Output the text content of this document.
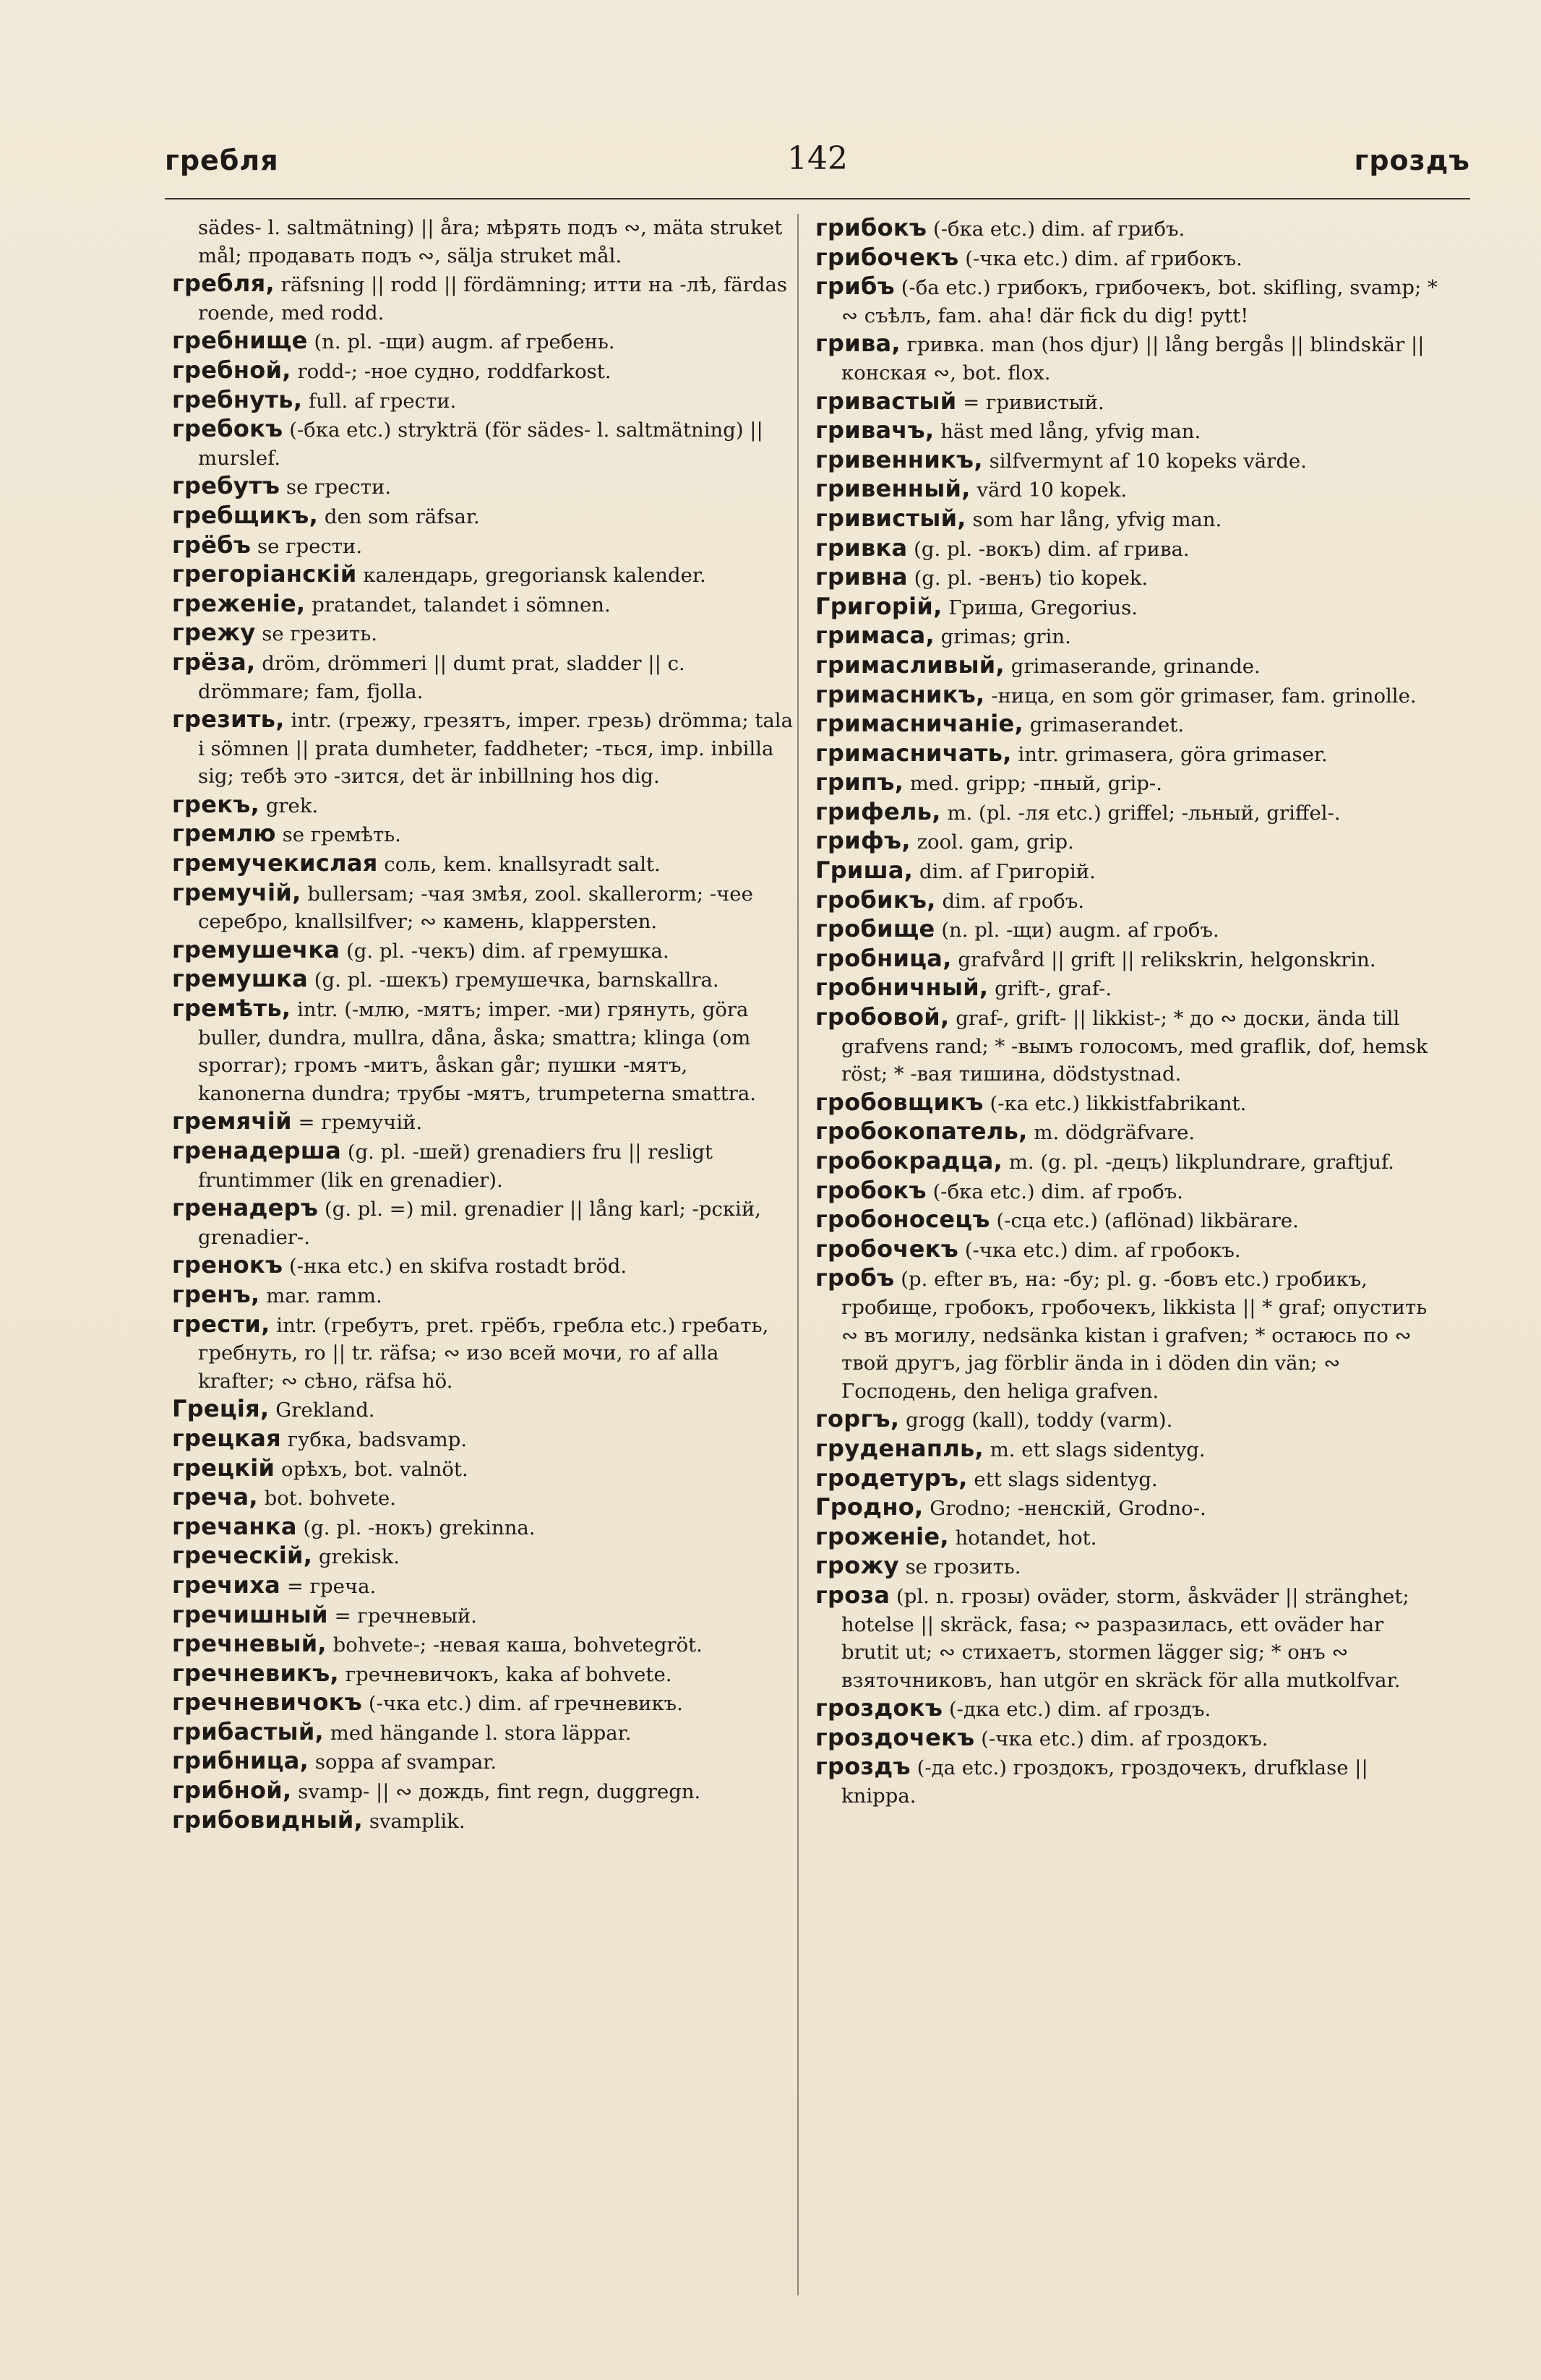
гребля	142	гроздъ

sädes- l. saltmätning) || åra; мѣрять подъ ∾, mäta struket mål; продавать подъ ∾, sälja struket mål.

гребля, räfsning || rodd || fördämning; итти на -лѣ, färdas roende, med rodd.

гребнище (n. pl. -щи) augm. af гребень.

гребной, rodd-; -ное судно, roddfarkost.

гребнуть, full. af грести.

гребокъ (-бка etc.) strykträ (för sädes- l. saltmätning) || murslef.

гребутъ se грести.

гребщикъ, den som räfsar.

грёбъ se грести.

грегоріанскій календарь, gregoriansk kalender.

греженіе, pratandet, talandet i sömnen.

грежу se грезить.

грёза, dröm, drömmeri || dumt prat, sladder || c. drömmare; fam, fjolla.

грезить, intr. (грежу, грезятъ, imper. грезь) drömma; tala i sömnen || prata dumheter, faddheter; -ться, imp. inbilla sig; тебѣ это -зится, det är inbillning hos dig.

грекъ, grek.

гремлю se гремѣть.

гремучекислая соль, kem. knallsyradt salt.

гремучій, bullersam; -чая змѣя, zool. skallerorm; -чее серебро, knallsilfver; ∾ камень, klappersten.

гремушечка (g. pl. -чекъ) dim. af гремушка.

гремушка (g. pl. -шекъ) гремушечка, barnskallra.

гремѣть, intr. (-млю, -мятъ; imper. -ми) грянуть, göra buller, dundra, mullra, dåna, åska; smattra; klinga (om sporrar); громъ -митъ, åskan går; пушки -мятъ, kanonerna dundra; трубы -мятъ, trumpeterna smattra.

гремячій = гремучій.

гренадерша (g. pl. -шей) grenadiers fru || resligt fruntimmer (lik en grenadier).

гренадеръ (g. pl. =) mil. grenadier || lång karl; -рскій, grenadier-.

гренокъ (-нка etc.) en skifva rostadt bröd.

гренъ, mar. ramm.

грести, intr. (гребутъ, pret. грёбъ, гребла etc.) гребать, гребнуть, ro || tr. räfsa; ∾ изо всей мочи, ro af alla krafter; ∾ сѣно, räfsa hö.

Греція, Grekland.

грецкая губка, badsvamp.

грецкій орѣхъ, bot. valnöt.

греча, bot. bohvete.

гречанка (g. pl. -нокъ) grekinna.

греческій, grekisk.

гречиха = греча.

гречишный = гречневый.

гречневый, bohvete-; -невая каша, bohvetegröt.

гречневикъ, гречневичокъ, kaka af bohvete.

гречневичокъ (-чка etc.) dim. af гречневикъ.

грибастый, med hängande l. stora läppar.

грибница, soppa af svampar.

грибной, svamp- || ∾ дождь, fint regn, duggregn.

грибовидный, svamplik.

грибокъ (-бка etc.) dim. af грибъ.

грибочекъ (-чка etc.) dim. af грибокъ.

грибъ (-ба etc.) грибокъ, грибочекъ, bot. skifling, svamp; * ∾ съѣлъ, fam. aha! där fick du dig! pytt!

грива, гривка. man (hos djur) || lång bergås || blindskär || конская ∾, bot. flox.

гривастый = гривистый.

гривачъ, häst med lång, yfvig man.

гривенникъ, silfvermynt af 10 kopeks värde.

гривенный, värd 10 kopek.

гривистый, som har lång, yfvig man.

гривка (g. pl. -вокъ) dim. af грива.

гривна (g. pl. -венъ) tio kopek.

Григорій, Гриша, Gregorius.

гримаса, grimas; grin.

гримасливый, grimaserande, grinande.

гримасникъ, -ница, en som gör grimaser, fam. grinolle.

гримасничаніе, grimaserandet.

гримасничать, intr. grimasera, göra grimaser.

грипъ, med. gripp; -пный, grip-.

грифель, m. (pl. -ля etc.) griffel; -льный, griffel-.

грифъ, zool. gam, grip.

Гриша, dim. af Григорій.

гробикъ, dim. af гробъ.

гробище (n. pl. -щи) augm. af гробъ.

гробница, grafvård || grift || relikskrin, helgonskrin.

гробничный, grift-, graf-.

гробовой, graf-, grift- || likkist-; * до ∾ доски, ända till grafvens rand; * -вымъ голосомъ, med graflik, dof, hemsk röst; * -вая тишина, dödstystnad.

гробовщикъ (-ка etc.) likkistfabrikant.

гробокопатель, m. dödgräfvare.

гробокрадца, m. (g. pl. -децъ) likplundrare, graftjuf.

гробокъ (-бка etc.) dim. af гробъ.

гробоносецъ (-сца etc.) (aflönad) likbärare.

гробочекъ (-чка etc.) dim. af гробокъ.

гробъ (p. efter въ, на: -бу; pl. g. -бовъ etc.) гробикъ, гробище, гробокъ, гробочекъ, likkista || * graf; опустить ∾ въ могилу, nedsänka kistan i grafven; * остаюсь по ∾ твой другъ, jag förblir ända in i döden din vän; ∾ Господень, den heliga grafven.

горгъ, grogg (kall), toddy (varm).

груденапль, m. ett slags sidentyg.

гродетуръ, ett slags sidentyg.

Гродно, Grodno; -ненскій, Grodno-.

гроженіе, hotandet, hot.

грожу se грозить.

гроза (pl. n. грозы) oväder, storm, åskväder || stränghet; hotelse || skräck, fasa; ∾ разразилась, ett oväder har brutit ut; ∾ стихаетъ, stormen lägger sig; * онъ ∾ взяточниковъ, han utgör en skräck för alla mutkolfvar.

гроздокъ (-дка etc.) dim. af гроздъ.

гроздочекъ (-чка etc.) dim. af гроздокъ.

гроздъ (-да etc.) гроздокъ, гроздочекъ, drufklase || knippa.
